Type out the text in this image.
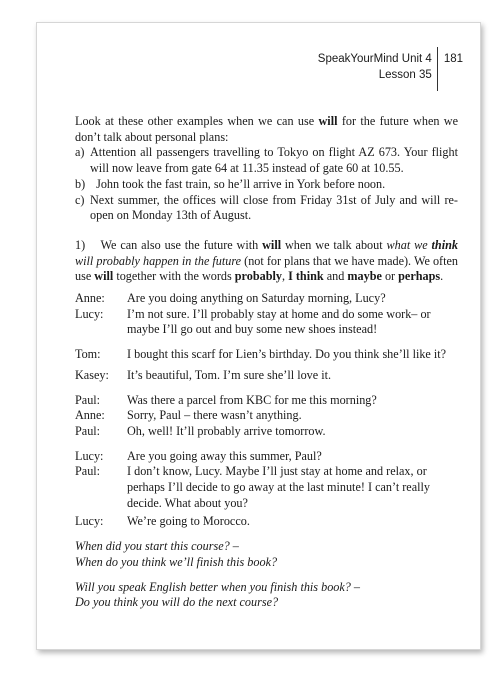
SpeakYourMind Unit 4
Lesson 35
181

Look at these other examples when we can use will for the future when we don’t talk about personal plans:

a) Attention all passengers travelling to Tokyo on flight AZ 673. Your flight will now leave from gate 64 at 11.35 instead of gate 60 at 10.55.
b) John took the fast train, so he’ll arrive in York before noon.
c) Next summer, the offices will close from Friday 31st of July and will re-open on Monday 13th of August.

1)    We can also use the future with will when we talk about what we think will probably happen in the future (not for plans that we have made). We often use will together with the words probably, I think and maybe or perhaps.

Anne:	Are you doing anything on Saturday morning, Lucy?
Lucy:	I’m not sure. I’ll probably stay at home and do some work– or maybe I’ll go out and buy some new shoes instead!
Tom:	I bought this scarf for Lien’s birthday. Do you think she’ll like it?
Kasey:	It’s beautiful, Tom. I’m sure she’ll love it.
Paul:	Was there a parcel from KBC for me this morning?
Anne:	Sorry, Paul – there wasn’t anything.
Paul:	Oh, well! It’ll probably arrive tomorrow.
Lucy:	Are you going away this summer, Paul?
Paul:	I don’t know, Lucy. Maybe I’ll just stay at home and relax, or perhaps I’ll decide to go away at the last minute! I can’t really decide. What about you?
Lucy:	We’re going to Morocco.
When did you start this course? –
When do you think we’ll finish this book?
Will you speak English better when you finish this book? –
Do you think you will do the next course?
